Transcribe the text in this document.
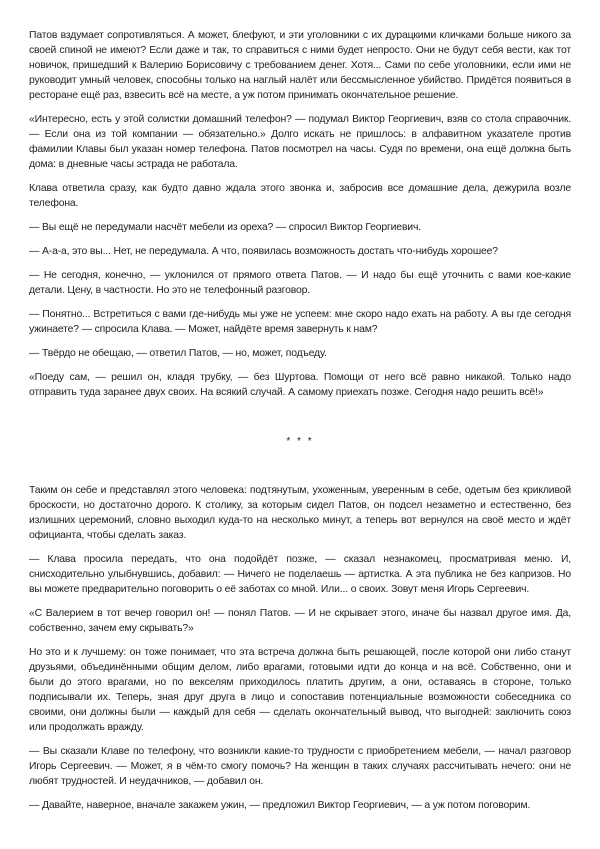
Патов вздумает сопротивляться. А может, блефуют, и эти уголовники с их дурацкими кличками больше никого за своей спиной не имеют? Если даже и так, то справиться с ними будет непросто. Они не будут себя вести, как тот новичок, пришедший к Валерию Борисовичу с требованием денег. Хотя... Сами по себе уголовники, если ими не руководит умный человек, способны только на наглый налёт или бессмысленное убийство. Придётся появиться в ресторане ещё раз, взвесить всё на месте, а уж потом принимать окончательное решение.

«Интересно, есть у этой солистки домашний телефон? — подумал Виктор Георгиевич, взяв со стола справочник. — Если она из той компании — обязательно.» Долго искать не пришлось: в алфавитном указателе против фамилии Клавы был указан номер телефона. Патов посмотрел на часы. Судя по времени, она ещё должна быть дома: в дневные часы эстрада не работала.

Клава ответила сразу, как будто давно ждала этого звонка и, забросив все домашние дела, дежурила возле телефона.

— Вы ещё не передумали насчёт мебели из ореха? — спросил Виктор Георгиевич.

— А-а-а, это вы... Нет, не передумала. А что, появилась возможность достать что-нибудь хорошее?

— Не сегодня, конечно, — уклонился от прямого ответа Патов. — И надо бы ещё уточнить с вами кое-какие детали. Цену, в частности. Но это не телефонный разговор.

— Понятно... Встретиться с вами где-нибудь мы уже не успеем: мне скоро надо ехать на работу. А вы где сегодня ужинаете? — спросила Клава. — Может, найдёте время завернуть к нам?

— Твёрдо не обещаю, — ответил Патов, — но, может, подъеду.

«Поеду сам, — решил он, кладя трубку, — без Шуртова. Помощи от него всё равно никакой. Только надо отправить туда заранее двух своих. На всякий случай. А самому приехать позже. Сегодня надо решить всё!»

* * *

Таким он себе и представлял этого человека: подтянутым, ухоженным, уверенным в себе, одетым без крикливой броскости, но достаточно дорого. К столику, за которым сидел Патов, он подсел незаметно и естественно, без излишних церемоний, словно выходил куда-то на несколько минут, а теперь вот вернулся на своё место и ждёт официанта, чтобы сделать заказ.

— Клава просила передать, что она подойдёт позже, — сказал незнакомец, просматривая меню. И, снисходительно улыбнувшись, добавил: — Ничего не поделаешь — артистка. А эта публика не без капризов. Но вы можете предварительно поговорить о её заботах со мной. Или... о своих. Зовут меня Игорь Сергеевич.

«С Валерием в тот вечер говорил он! — понял Патов. — И не скрывает этого, иначе бы назвал другое имя. Да, собственно, зачем ему скрывать?»

Но это и к лучшему: он тоже понимает, что эта встреча должна быть решающей, после которой они либо станут друзьями, объединёнными общим делом, либо врагами, готовыми идти до конца и на всё. Собственно, они и были до этого врагами, но по векселям приходилось платить другим, а они, оставаясь в стороне, только подписывали их. Теперь, зная друг друга в лицо и сопоставив потенциальные возможности собеседника со своими, они должны были — каждый для себя — сделать окончательный вывод, что выгодней: заключить союз или продолжать вражду.

— Вы сказали Клаве по телефону, что возникли какие-то трудности с приобретением мебели, — начал разговор Игорь Сергеевич. — Может, я в чём-то смогу помочь? На женщин в таких случаях рассчитывать нечего: они не любят трудностей. И неудачников, — добавил он.

— Давайте, наверное, вначале закажем ужин, — предложил Виктор Георгиевич, — а уж потом поговорим.
